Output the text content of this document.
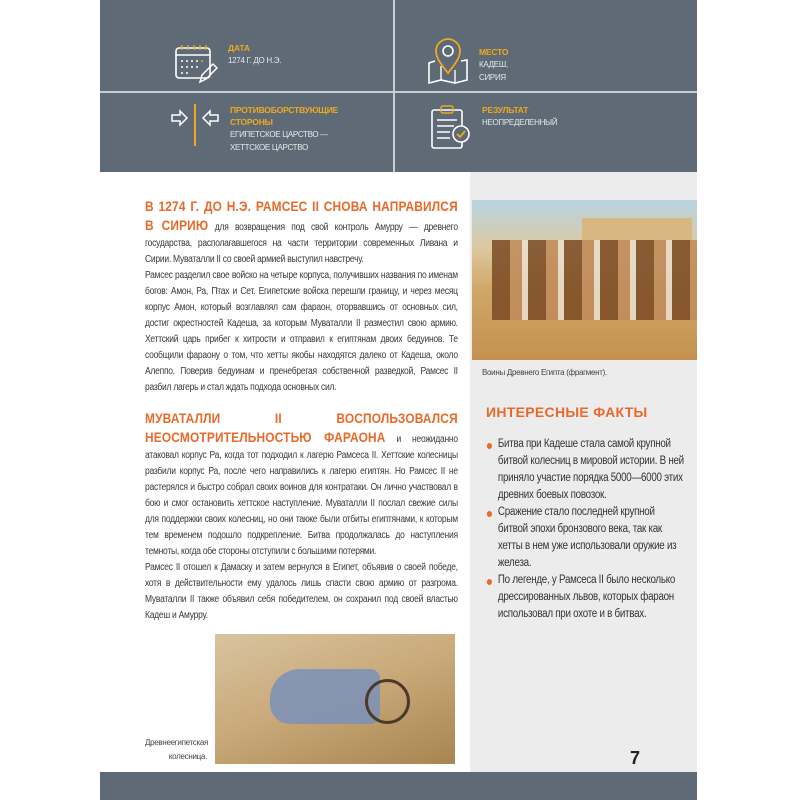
ДАТА
1274 Г. ДО Н.Э.
МЕСТО
КАДЕШ,
СИРИЯ
ПРОТИВОБОРСТВУЮЩИЕ
СТОРОНЫ
ЕГИПЕТСКОЕ ЦАРСТВО —
ХЕТТСКОЕ ЦАРСТВО
РЕЗУЛЬТАТ
НЕОПРЕДЕЛЕННЫЙ
Воины Древнего Египта (фрагмент).

В 1274 Г. ДО Н.Э. РАМСЕС II СНОВА НАПРАВИЛСЯ В СИРИЮ для возвращения под свой контроль Амурру — древнего государства, располагавшегося на части территории современных Ливана и Сирии. Муваталли II со своей армией выступил навстречу.

Рамсес разделил свое войско на четыре корпуса, получивших названия по именам богов: Амон, Ра, Птах и Сет. Египетские войска перешли границу, и через месяц корпус Амон, который возглавлял сам фараон, оторвавшись от основных сил, достиг окрестностей Кадеша, за которым Муваталли II разместил свою армию. Хеттский царь прибег к хитрости и отправил к египтянам двоих бедуинов. Те сообщили фараону о том, что хетты якобы находятся далеко от Кадеша, около Алеппо. Поверив бедуинам и пренебрегая собственной разведкой, Рамсес II разбил лагерь и стал ждать подхода основных сил.

МУВАТАЛЛИ II ВОСПОЛЬЗОВАЛСЯ НЕОСМОТРИТЕЛЬНОСТЬЮ ФАРАОНА и неожиданно атаковал корпус Ра, когда тот подходил к лагерю Рамсеса II. Хеттские колесницы разбили корпус Ра, после чего направились к лагерю египтян. Но Рамсес II не растерялся и быстро собрал своих воинов для контратаки. Он лично участвовал в бою и смог остановить хеттское наступление. Муваталли II послал свежие силы для поддержки своих колесниц, но они также были отбиты египтянами, к которым тем временем подошло подкрепление. Битва продолжалась до наступления темноты, когда обе стороны отступили с большими потерями.

Рамсес II отошел к Дамаску и затем вернулся в Египет, объявив о своей победе, хотя в действительности ему удалось лишь спасти свою армию от разгрома. Муваталли II также объявил себя победителем, он сохранил под своей властью Кадеш и Амурру.

Древнеегипетская
колесница.
ИНТЕРЕСНЫЕ ФАКТЫ
Битва при Кадеше стала самой крупной битвой колесниц в мировой истории. В ней приняло участие порядка 5000—6000 этих древних боевых повозок.
Сражение стало последней крупной битвой эпохи бронзового века, так как хетты в нем уже использовали оружие из железа.
По легенде, у Рамсеса II было несколько дрессированных львов, которых фараон использовал при охоте и в битвах.
7
